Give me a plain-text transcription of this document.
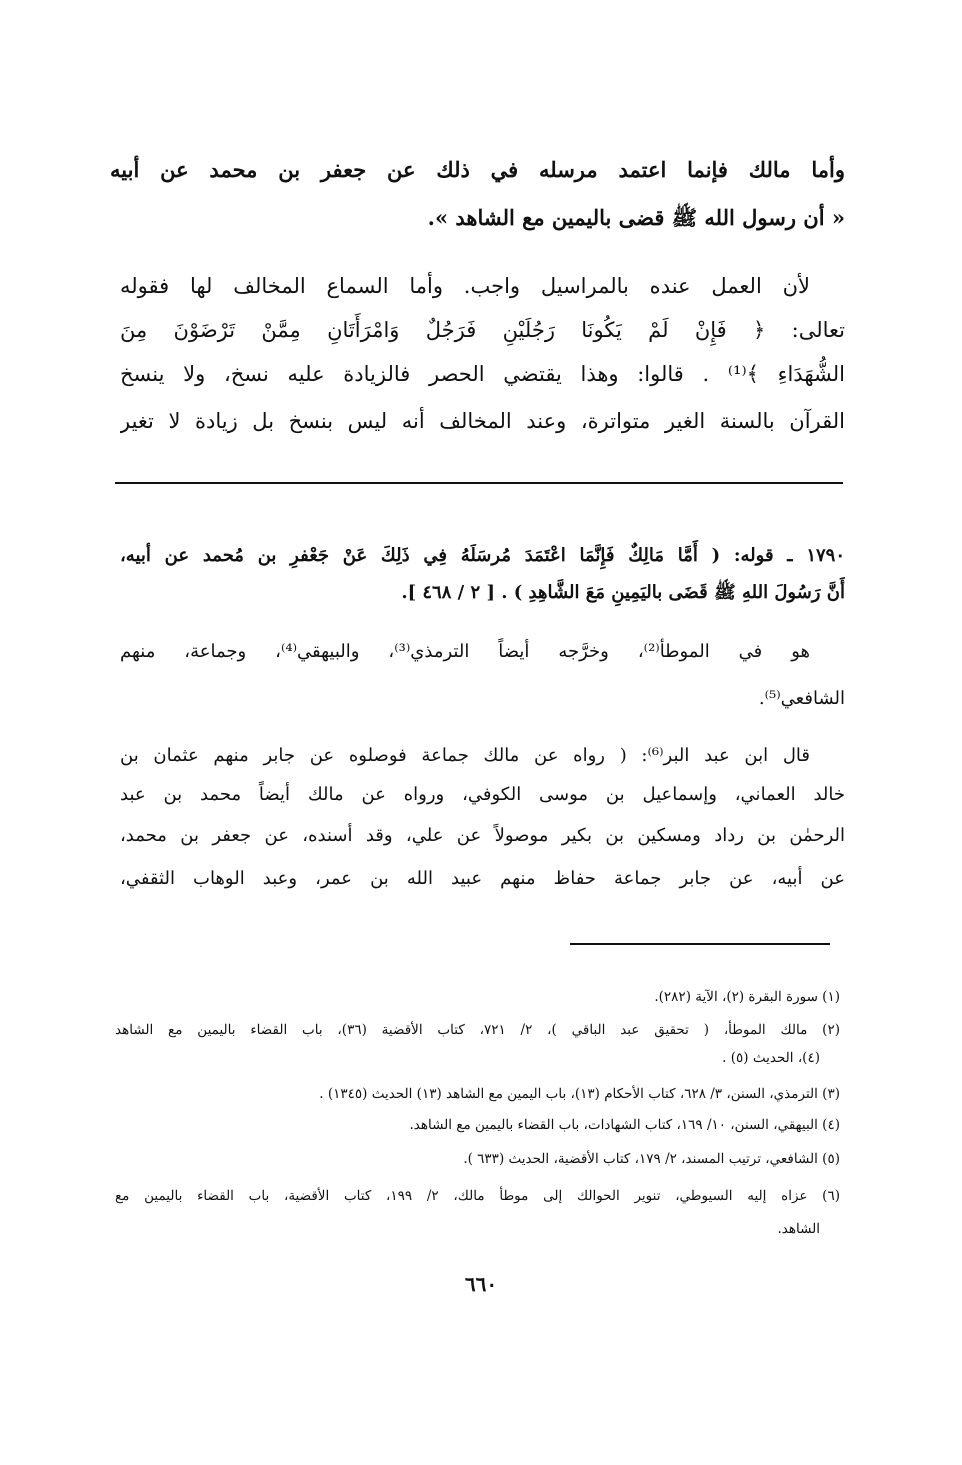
وأما مالك فإنما اعتمد مرسله في ذلك عن جعفر بن محمد عن أبيه
« أن رسول الله ﷺ قضى باليمين مع الشاهد ».
لأن العمل عنده بالمراسيل واجب. وأما السماع المخالف لها فقوله
تعالى: ﴿ فَإِنْ لَمْ يَكُونَا رَجُلَيْنِ فَرَجُلٌ وَامْرَأَتَانِ مِمَّنْ تَرْضَوْنَ مِنَ
الشُّهَدَاءِ ﴾⁽¹⁾ . قالوا: وهذا يقتضي الحصر فالزيادة عليه نسخ، ولا ينسخ
القرآن بالسنة الغير متواترة، وعند المخالف أنه ليس بنسخ بل زيادة لا تغير
١٧٩٠ ـ قوله: ( أَمَّا مَالِكٌ فَإِنَّمَا اعْتَمَدَ مُرسَلَهُ فِي ذَلِكَ عَنْ جَعْفرِ بن مُحمد عن أبيه،
أَنَّ رَسُولَ اللهِ ﷺ قَضَى باليَمِينِ مَعَ الشَّاهِدِ ) . [ ٢ / ٤٦٨ ].
هو في الموطأ⁽²⁾، وخرَّجه أيضاً الترمذي⁽³⁾، والبيهقي⁽⁴⁾، وجماعة، منهم
الشافعي⁽⁵⁾.
قال ابن عبد البر⁽⁶⁾: ( رواه عن مالك جماعة فوصلوه عن جابر منهم عثمان بن
خالد العماني، وإسماعيل بن موسى الكوفي، ورواه عن مالك أيضاً محمد بن عبد
الرحمٰن بن رداد ومسكين بن بكير موصولاً عن علي، وقد أسنده، عن جعفر بن محمد،
عن أبيه، عن جابر جماعة حفاظ منهم عبيد الله بن عمر، وعبد الوهاب الثقفي،
(١) سورة البقرة (٢)، الآية (٢٨٢).
(٢) مالك الموطأ، ( تحقيق عبد الباقي )، ٢/ ٧٢١، كتاب الأقضية (٣٦)، باب القضاء باليمين مع الشاهد
(٤)، الحديث (٥) .
(٣) الترمذي، السنن، ٣/ ٦٢٨، كتاب الأحكام (١٣)، باب اليمين مع الشاهد (١٣) الحديث (١٣٤٥) .
(٤) البيهقي، السنن، ١٠/ ١٦٩، كتاب الشهادات، باب القضاء باليمين مع الشاهد.
(٥) الشافعي، ترتيب المسند، ٢/ ١٧٩، كتاب الأقضية، الحديث (٦٣٣ ).
(٦) عزاه إليه السيوطي، تنوير الحوالك إلى موطأ مالك، ٢/ ١٩٩، كتاب الأقضية، باب القضاء باليمين مع
الشاهد.
٦٦٠
